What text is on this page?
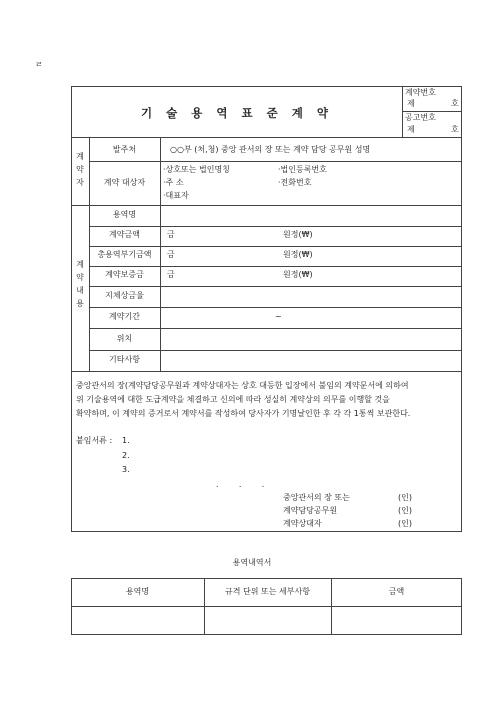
ㄹ
기 술 용 역 표 준 계 약
계약번호
제	호
공고번호
제	호
계
약
자
발주처	○○부 (처,청) 중앙 관서의 장 또는 계약 담당 공무원 성명
계약 대상자
·상호또는 법인명칭	·법인등록번호
·주 소	·전화번호
·대표자
계
약
내
용
용역명
계약금액	금	원정(₩)
총용역부기금액	금	원정(₩)
계약보증금	금	원정(₩)
지체상금율
계약기간	~
위치
기타사항
중앙관서의 장(계약담당공무원과 계약상대자는 상호 대등한 입장에서 불임의 계약문서에 의하여
위 기술용역에 대한 도급계약을 체결하고 신의에 따라 성실히 계약상의 의무를 이행할 것을
확약하며, 이 계약의 증거로서 계약서를 작성하여 당사자가 기명날인한 후 각 각 1통씩 보관한다.
붙임서류 : 1.
2.
3.
.        .        .
중앙관서의 장 또는	(인)
계약담당공무원	(인)
계약상대자	(인)
용역내역서
용역명	규격 단위 또는 세부사항	금액
